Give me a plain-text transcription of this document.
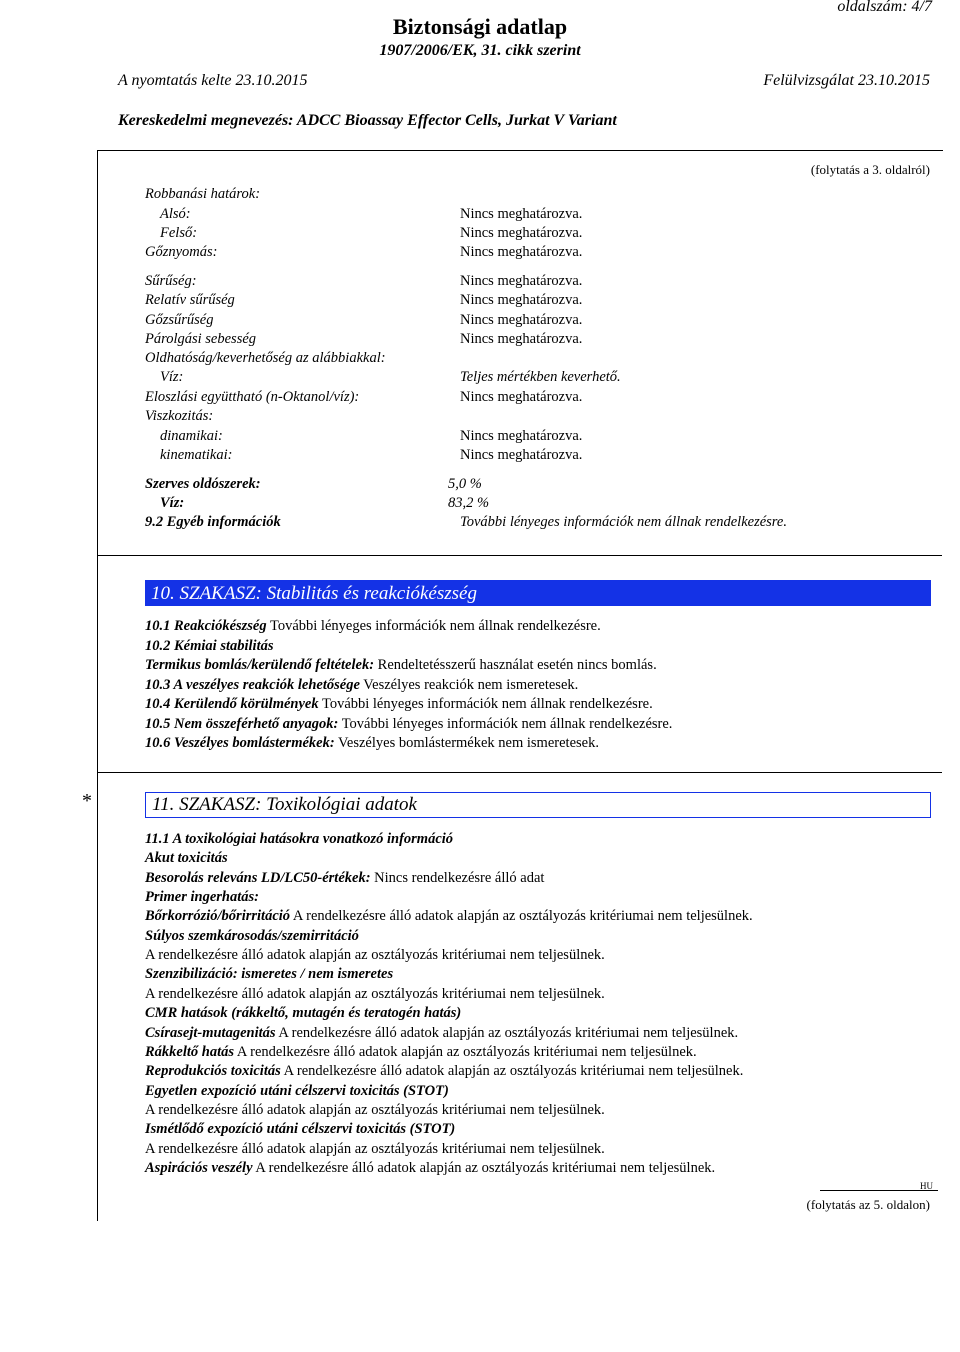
oldalszám: 4/7
Biztonsági adatlap
1907/2006/EK, 31. cikk szerint
A nyomtatás kelte 23.10.2015	Felülvizsgálat 23.10.2015
Kereskedelmi megnevezés: ADCC Bioassay Effector Cells, Jurkat V Variant
(folytatás a 3. oldalról)
Robbanási határok:
Alsó:	Nincs meghatározva.
Felső:	Nincs meghatározva.
Gőznyomás:	Nincs meghatározva.
Sűrűség:	Nincs meghatározva.
Relatív sűrűség	Nincs meghatározva.
Gőzsűrűség	Nincs meghatározva.
Párolgási sebesség	Nincs meghatározva.
Oldhatóság/keverhetőség az alábbiakkal:
Víz:	Teljes mértékben keverhető.
Eloszlási együttható (n-Oktanol/víz):	Nincs meghatározva.
Viszkozitás:
dinamikai:	Nincs meghatározva.
kinematikai:	Nincs meghatározva.
Szerves oldószerek:	5,0 %
Víz:	83,2 %
9.2 Egyéb információk	További lényeges információk nem állnak rendelkezésre.
10. SZAKASZ: Stabilitás és reakciókészség
10.1 Reakciókészség További lényeges információk nem állnak rendelkezésre.
10.2 Kémiai stabilitás
Termikus bomlás/kerülendő feltételek: Rendeltetésszerű használat esetén nincs bomlás.
10.3 A veszélyes reakciók lehetősége Veszélyes reakciók nem ismeretesek.
10.4 Kerülendő körülmények További lényeges információk nem állnak rendelkezésre.
10.5 Nem összeférhető anyagok: További lényeges információk nem állnak rendelkezésre.
10.6 Veszélyes bomlástermékek: Veszélyes bomlástermékek nem ismeretesek.
*	11. SZAKASZ: Toxikológiai adatok
11.1 A toxikológiai hatásokra vonatkozó információ
Akut toxicitás
Besorolás releváns LD/LC50-értékek: Nincs rendelkezésre álló adat
Primer ingerhatás:
Bőrkorrózió/bőrirritáció A rendelkezésre álló adatok alapján az osztályozás kritériumai nem teljesülnek.
Súlyos szemkárosodás/szemirritáció
A rendelkezésre álló adatok alapján az osztályozás kritériumai nem teljesülnek.
Szenzibilizáció: ismeretes / nem ismeretes
A rendelkezésre álló adatok alapján az osztályozás kritériumai nem teljesülnek.
CMR hatások (rákkeltő, mutagén és teratogén hatás)
Csírasejt-mutagenitás A rendelkezésre álló adatok alapján az osztályozás kritériumai nem teljesülnek.
Rákkeltő hatás A rendelkezésre álló adatok alapján az osztályozás kritériumai nem teljesülnek.
Reprodukciós toxicitás A rendelkezésre álló adatok alapján az osztályozás kritériumai nem teljesülnek.
Egyetlen expozíció utáni célszervi toxicitás (STOT)
A rendelkezésre álló adatok alapján az osztályozás kritériumai nem teljesülnek.
Ismétlődő expozíció utáni célszervi toxicitás (STOT)
A rendelkezésre álló adatok alapján az osztályozás kritériumai nem teljesülnek.
Aspirációs veszély A rendelkezésre álló adatok alapján az osztályozás kritériumai nem teljesülnek.
HU
(folytatás az 5. oldalon)
